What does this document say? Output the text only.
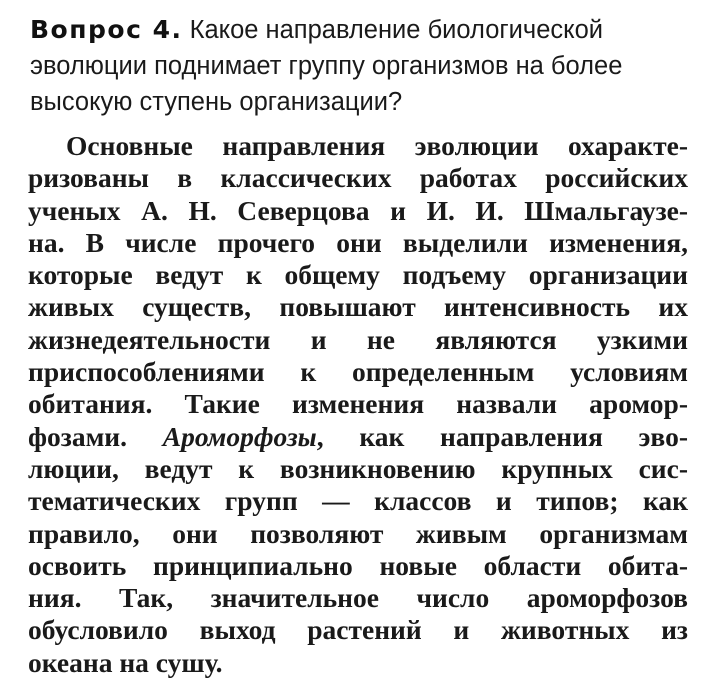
Вопрос 4. Какое направление биологической
эволюции поднимает группу организмов на более
высокую ступень организации?
Основные направления эволюции охаракте-
ризованы в классических работах российских
ученых А. Н. Северцова и И. И. Шмальгаузе-
на. В числе прочего они выделили изменения,
которые ведут к общему подъему организации
живых существ, повышают интенсивность их
жизнедеятельности и не являются узкими
приспособлениями к определенным условиям
обитания. Такие изменения назвали аромор-
фозами. Ароморфозы, как направления эво-
люции, ведут к возникновению крупных сис-
тематических групп — классов и типов; как
правило, они позволяют живым организмам
освоить принципиально новые области обита-
ния. Так, значительное число ароморфозов
обусловило выход растений и животных из
океана на сушу.
